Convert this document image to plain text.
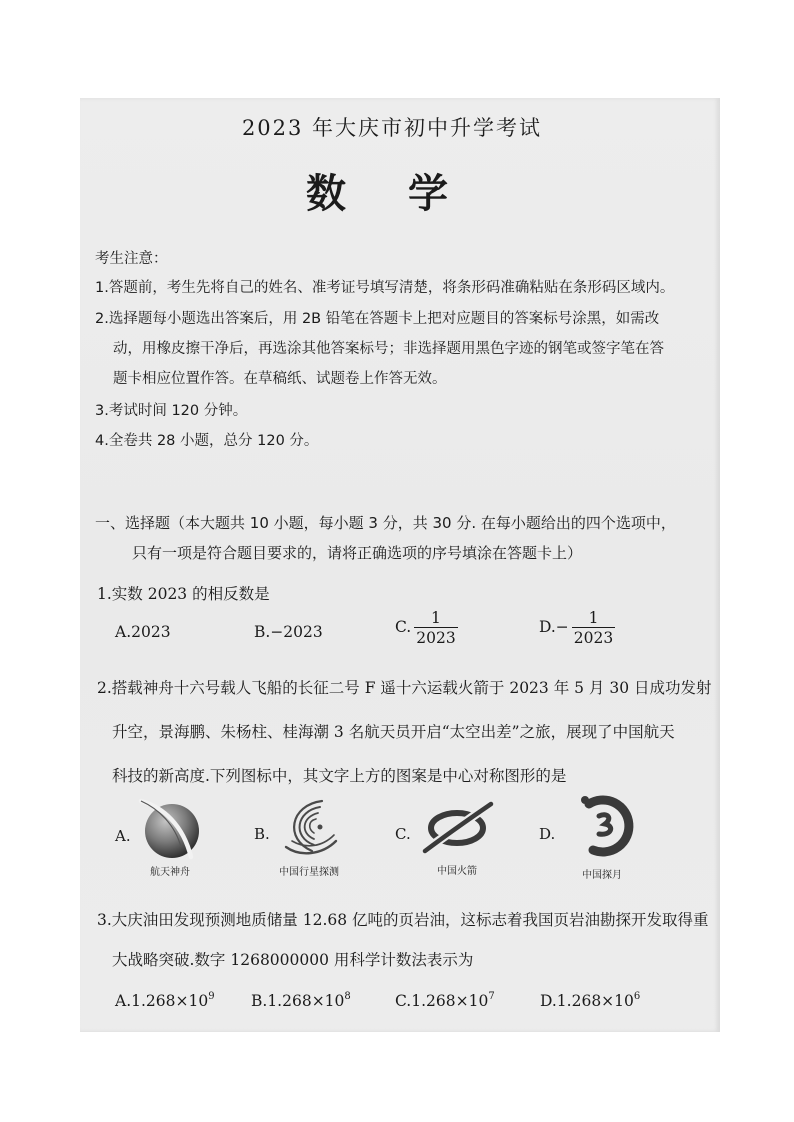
2023 年大庆市初中升学考试
数学
考生注意：
1.答题前，考生先将自己的姓名、准考证号填写清楚，将条形码准确粘贴在条形码区域内。
2.选择题每小题选出答案后，用 2B 铅笔在答题卡上把对应题目的答案标号涂黑，如需改
动，用橡皮擦干净后，再选涂其他答案标号；非选择题用黑色字迹的钢笔或签字笔在答
题卡相应位置作答。在草稿纸、试题卷上作答无效。
3.考试时间 120 分钟。
4.全卷共 28 小题，总分 120 分。
一、选择题（本大题共 10 小题，每小题 3 分，共 30 分. 在每小题给出的四个选项中，
只有一项是符合题目要求的，请将正确选项的序号填涂在答题卡上）
1.实数 2023 的相反数是
A.2023	B.−2023	C. $\frac{1}{2023}$	$D.- \frac{1}{2023}$
2.搭载神舟十六号载人飞船的长征二号 F 遥十六运载火箭于 2023 年 5 月 30 日成功发射
升空，景海鹏、朱杨柱、桂海潮 3 名航天员开启“太空出差”之旅，展现了中国航天
科技的新高度.下列图标中，其文字上方的图案是中心对称图形的是
A.
航天神舟
B.
中国行星探测
C.
中国火箭
D.
中国探月
3.大庆油田发现预测地质储量 12.68 亿吨的页岩油，这标志着我国页岩油勘探开发取得重
大战略突破.数字 1268000000 用科学计数法表示为
$A.1.268\times 10^9$ $B.1.268\times 10^8$	$C.1.268\times 10^7$	$D.1.268\times 10^6$
